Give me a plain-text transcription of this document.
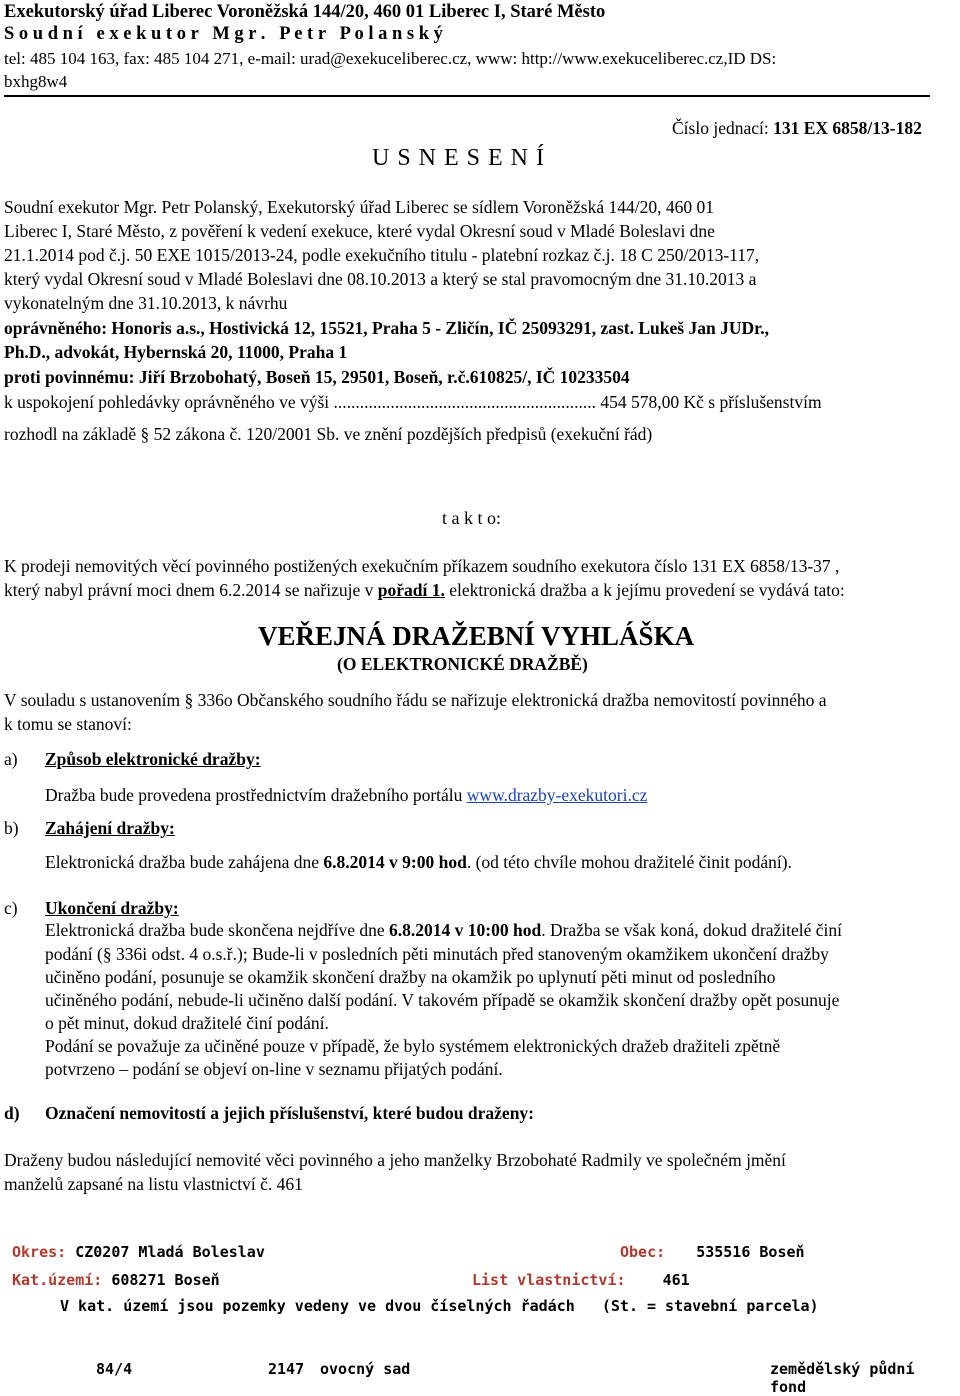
Exekutorský úřad Liberec Voroněžská 144/20, 460 01 Liberec I, Staré Město
S o u d n í   e x e k u t o r   M g r .   P e t r   P o l a n s k ý
tel: 485 104 163, fax: 485 104 271, e-mail: urad@exekuceliberec.cz, www: http://www.exekuceliberec.cz,ID DS:
bxhg8w4
Číslo jednací: 131 EX 6858/13-182
U S N E S E N Í
Soudní exekutor Mgr. Petr Polanský, Exekutorský úřad Liberec se sídlem Voroněžská 144/20, 460 01
Liberec I, Staré Město, z pověření k vedení exekuce, které vydal Okresní soud v Mladé Boleslavi dne
21.1.2014 pod č.j. 50 EXE 1015/2013-24, podle exekučního titulu - platební rozkaz č.j. 18 C 250/2013-117,
který vydal Okresní soud v Mladé Boleslavi dne 08.10.2013 a který se stal pravomocným dne 31.10.2013 a
vykonatelným dne 31.10.2013, k návrhu
oprávněného: Honoris a.s., Hostivická 12, 15521, Praha 5 - Zličín, IČ 25093291, zast. Lukeš Jan JUDr.,
Ph.D., advokát, Hybernská 20, 11000, Praha 1
proti povinnému: Jiří Brzobohatý, Boseň 15, 29501, Boseň, r.č.610825/, IČ 10233504
k uspokojení pohledávky oprávněného ve výši ............................................................ 454 578,00 Kč s příslušenstvím
rozhodl na základě § 52 zákona č. 120/2001 Sb. ve znění pozdějších předpisů (exekuční řád)
t a k t o:
K prodeji nemovitých věcí povinného postižených exekučním příkazem soudního exekutora číslo 131 EX 6858/13-37 ,
který nabyl právní moci dnem 6.2.2014 se nařizuje v pořadí 1. elektronická dražba a k jejímu provedení se vydává tato:
VEŘEJNÁ DRAŽEBNÍ VYHLÁŠKA
(O ELEKTRONICKÉ DRAŽBĚ)
V souladu s ustanovením § 336o Občanského soudního řádu se nařizuje elektronická dražba nemovitostí povinného a
k tomu se stanoví:
a) Způsob elektronické dražby:
Dražba bude provedena prostřednictvím dražebního portálu www.drazby-exekutori.cz
b) Zahájení dražby:
Elektronická dražba bude zahájena dne 6.8.2014 v 9:00 hod. (od této chvíle mohou dražitelé činit podání).
c) Ukončení dražby:
Elektronická dražba bude skončena nejdříve dne 6.8.2014 v 10:00 hod. Dražba se však koná, dokud dražitelé činí
podání (§ 336i odst. 4 o.s.ř.); Bude-li v posledních pěti minutách před stanoveným okamžikem ukončení dražby
učiněno podání, posunuje se okamžik skončení dražby na okamžik po uplynutí pěti minut od posledního
učiněného podání, nebude-li učiněno další podání. V takovém případě se okamžik skončení dražby opět posunuje
o pět minut, dokud dražitelé činí podání.
Podání se považuje za učiněné pouze v případě, že bylo systémem elektronických dražeb dražiteli zpětně
potvrzeno – podání se objeví on-line v seznamu přijatých podání.
d) Označení nemovitostí a jejich příslušenství, které budou draženy:
Draženy budou následující nemovité věci povinného a jeho manželky Brzobohaté Radmily ve společném jmění
manželů zapsané na listu vlastnictví č. 461
Okres: CZ0207 Mladá Boleslav	Obec: 535516 Boseň
Kat.území: 608271 Boseň	List vlastnictví: 461
V kat. území jsou pozemky vedeny ve dvou číselných řadách   (St. = stavební parcela)
84/4	2147 ovocný sad	zemědělský půdní
fond
